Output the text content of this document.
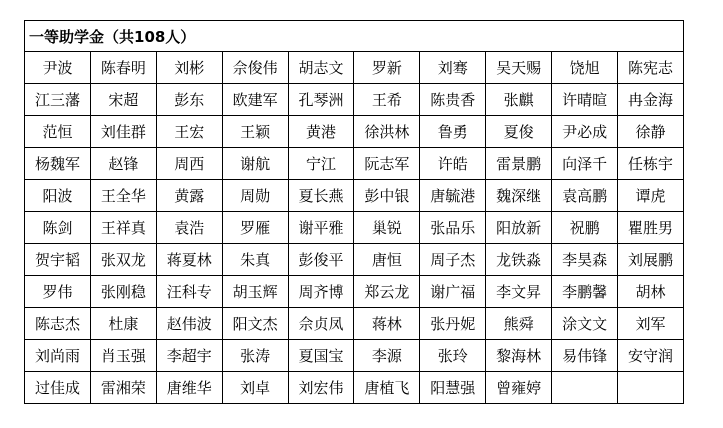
一等助学金（共108人）									
尹波	陈春明	刘彬	佘俊伟	胡志文	罗新	刘骞	吴天赐	饶旭	陈宪志
江三藩	宋超	彭东	欧建军	孔琴洲	王希	陈贵香	张麒	许晴暄	冉金海
范恒	刘佳群	王宏	王颖	黄港	徐洪林	鲁勇	夏俊	尹必成	徐静
杨魏军	赵锋	周西	谢航	宁江	阮志军	许皓	雷景鹏	向泽千	任栋宇
阳波	王全华	黄露	周勋	夏长燕	彭中银	唐毓港	魏深继	袁高鹏	谭虎
陈剑	王祥真	袁浩	罗雁	谢平雅	巢锐	张品乐	阳放新	祝鹏	瞿胜男
贺宇韬	张双龙	蒋夏林	朱真	彭俊平	唐恒	周子杰	龙铁淼	李昊森	刘展鹏
罗伟	张刚稳	汪科专	胡玉辉	周齐博	郑云龙	谢广福	李文昇	李鹏馨	胡林
陈志杰	杜康	赵伟波	阳文杰	佘贞凤	蒋林	张丹妮	熊舜	涂文文	刘军
刘尚雨	肖玉强	李超宇	张涛	夏国宝	李源	张玲	黎海林	易伟锋	安守润
过佳成	雷湘荣	唐维华	刘卓	刘宏伟	唐植飞	阳慧强	曾雍婷		
